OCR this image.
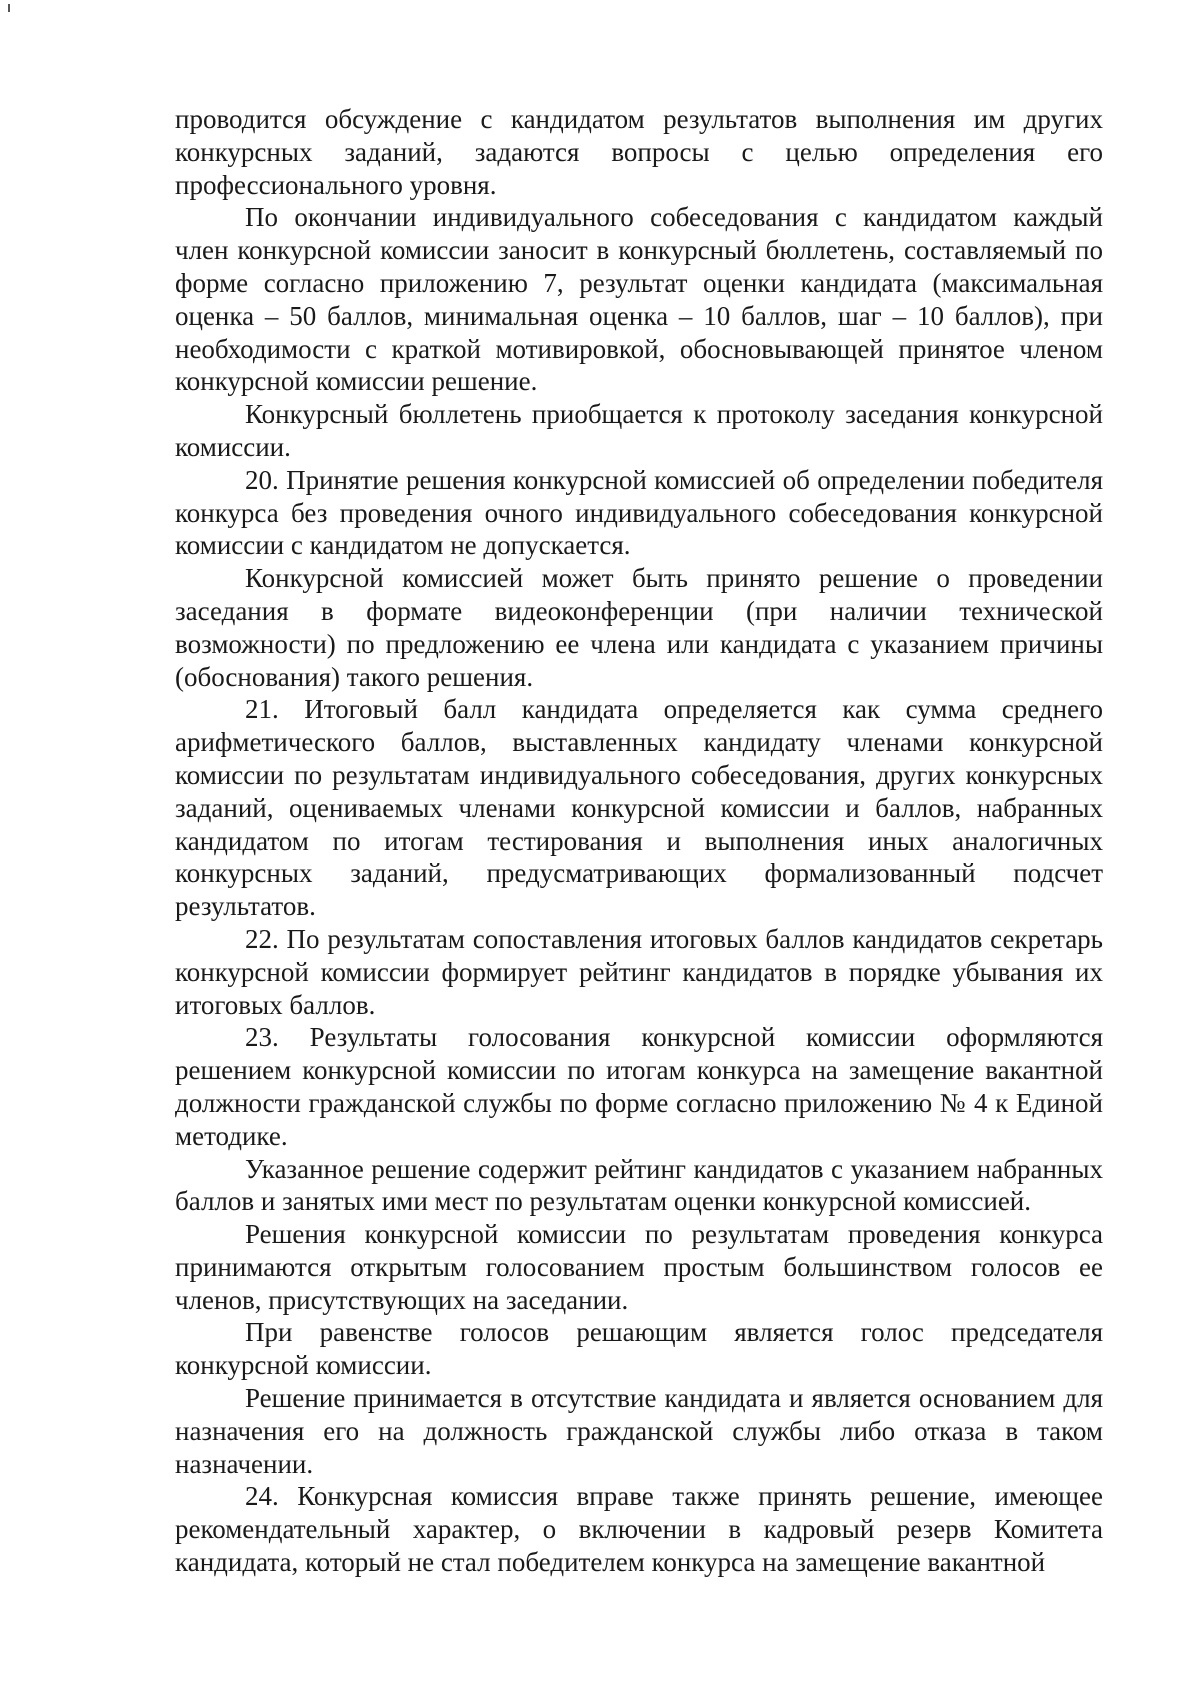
проводится обсуждение с кандидатом результатов выполнения им других конкурсных заданий, задаются вопросы с целью определения его профессионального уровня.

По окончании индивидуального собеседования с кандидатом каждый член конкурсной комиссии заносит в конкурсный бюллетень, составляемый по форме согласно приложению 7, результат оценки кандидата (максимальная оценка – 50 баллов, минимальная оценка – 10 баллов, шаг – 10 баллов), при необходимости с краткой мотивировкой, обосновывающей принятое членом конкурсной комиссии решение.

Конкурсный бюллетень приобщается к протоколу заседания конкурсной комиссии.

20. Принятие решения конкурсной комиссией об определении победителя конкурса без проведения очного индивидуального собеседования конкурсной комиссии с кандидатом не допускается.

Конкурсной комиссией может быть принято решение о проведении заседания в формате видеоконференции (при наличии технической возможности) по предложению ее члена или кандидата с указанием причины (обоснования) такого решения.

21. Итоговый балл кандидата определяется как сумма среднего арифметического баллов, выставленных кандидату членами конкурсной комиссии по результатам индивидуального собеседования, других конкурсных заданий, оцениваемых членами конкурсной комиссии и баллов, набранных кандидатом по итогам тестирования и выполнения иных аналогичных конкурсных заданий, предусматривающих формализованный подсчет результатов.

22. По результатам сопоставления итоговых баллов кандидатов секретарь конкурсной комиссии формирует рейтинг кандидатов в порядке убывания их итоговых баллов.

23. Результаты голосования конкурсной комиссии оформляются решением конкурсной комиссии по итогам конкурса на замещение вакантной должности гражданской службы по форме согласно приложению № 4 к Единой методике.

Указанное решение содержит рейтинг кандидатов с указанием набранных баллов и занятых ими мест по результатам оценки конкурсной комиссией.

Решения конкурсной комиссии по результатам проведения конкурса принимаются открытым голосованием простым большинством голосов ее членов, присутствующих на заседании.

При равенстве голосов решающим является голос председателя конкурсной комиссии.

Решение принимается в отсутствие кандидата и является основанием для назначения его на должность гражданской службы либо отказа в таком назначении.

24. Конкурсная комиссия вправе также принять решение, имеющее рекомендательный характер, о включении в кадровый резерв Комитета кандидата, который не стал победителем конкурса на замещение вакантной
